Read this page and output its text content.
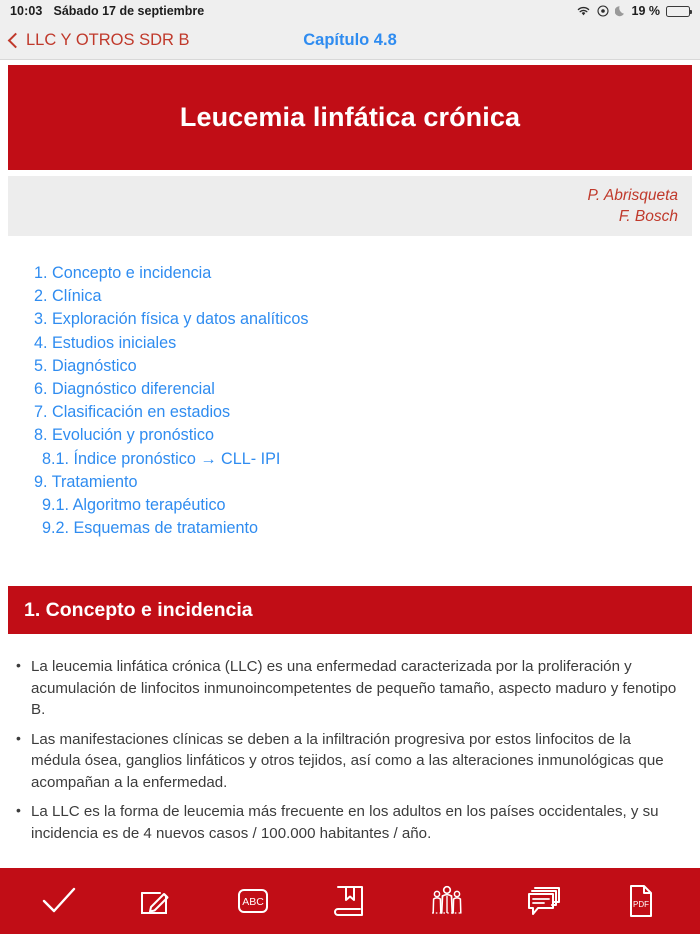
10:03 Sábado 17 de septiembre	19 %
LLC Y OTROS SDR B	Capítulo 4.8
Leucemia linfática crónica
P. Abrisqueta
F. Bosch
1. Concepto e incidencia
2. Clínica
3. Exploración física y datos analíticos
4. Estudios iniciales
5. Diagnóstico
6. Diagnóstico diferencial
7. Clasificación en estadios
8. Evolución y pronóstico
8.1. Índice pronóstico → CLL- IPI
9. Tratamiento
9.1. Algoritmo terapéutico
9.2. Esquemas de tratamiento
1. Concepto e incidencia
• La leucemia linfática crónica (LLC) es una enfermedad caracterizada por la proliferación y acumulación de linfocitos inmunoincompetentes de pequeño tamaño, aspecto maduro y fenotipo B.
• Las manifestaciones clínicas se deben a la infiltración progresiva por estos linfocitos de la médula ósea, ganglios linfáticos y otros tejidos, así como a las alteraciones inmunológicas que acompañan a la enfermedad.
• La LLC es la forma de leucemia más frecuente en los adultos en los países occidentales, y su incidencia es de 4 nuevos casos / 100.000 habitantes / año.
ABC	PDF
